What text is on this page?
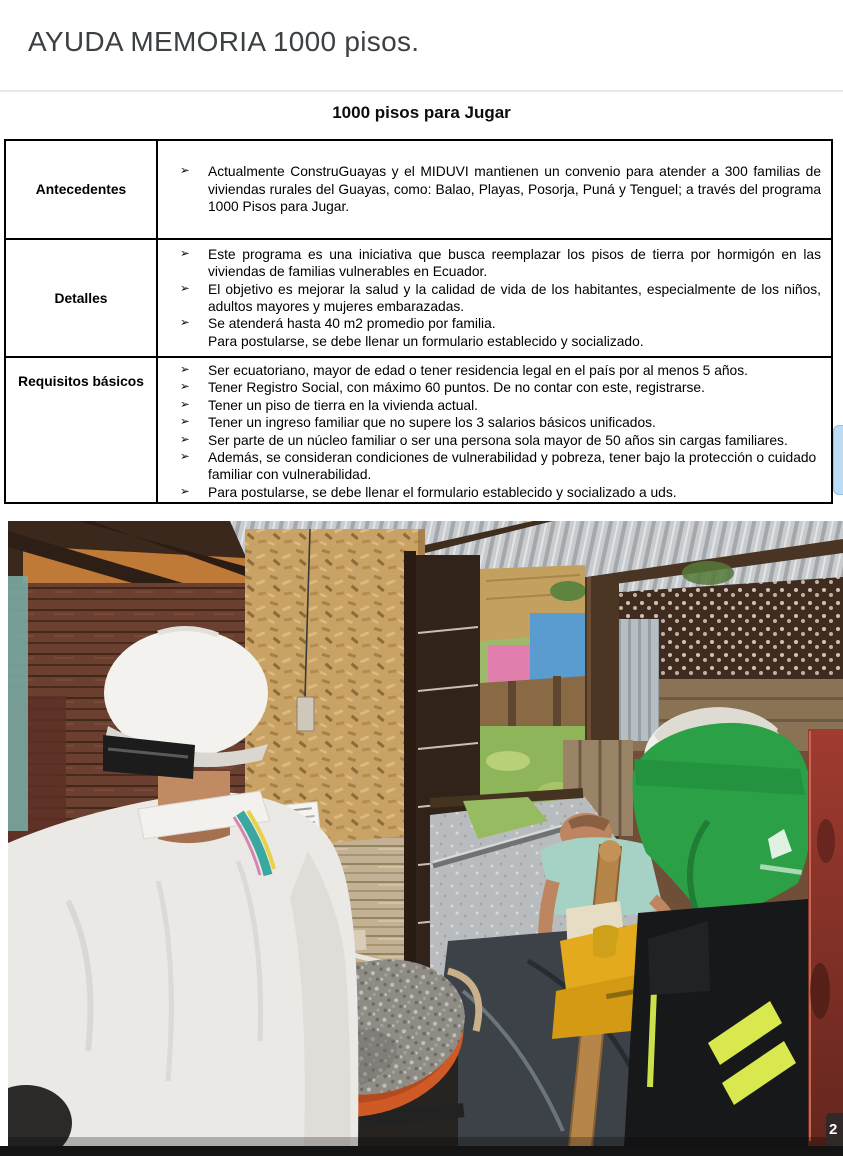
AYUDA MEMORIA 1000 pisos.
1000 pisos para Jugar
Antecedentes
➢	Actualmente ConstruGuayas y el MIDUVI mantienen un convenio para atender a 300 familias de viviendas rurales del Guayas, como: Balao, Playas, Posorja, Puná y Tenguel; a través del programa 1000 Pisos para Jugar.
Detalles
➢	Este programa es una iniciativa que busca reemplazar los pisos de tierra por hormigón en las viviendas de familias vulnerables en Ecuador.
➢	El objetivo es mejorar la salud y la calidad de vida de los habitantes, especialmente de los niños, adultos mayores y mujeres embarazadas.
➢	Se atenderá hasta 40 m2 promedio por familia.
Para postularse, se debe llenar un formulario establecido y socializado.
Requisitos básicos
➢	Ser ecuatoriano, mayor de edad o tener residencia legal en el país por al menos 5 años.
➢	Tener Registro Social, con máximo 60 puntos. De no contar con este, registrarse.
➢	Tener un piso de tierra en la vivienda actual.
➢	Tener un ingreso familiar que no supere los 3 salarios básicos unificados.
➢	Ser parte de un núcleo familiar o ser una persona sola mayor de 50 años sin cargas familiares.
➢	Además, se consideran condiciones de vulnerabilidad y pobreza, tener bajo la protección o cuidado familiar con vulnerabilidad.
➢	Para postularse, se debe llenar el formulario establecido y socializado a uds.
2
